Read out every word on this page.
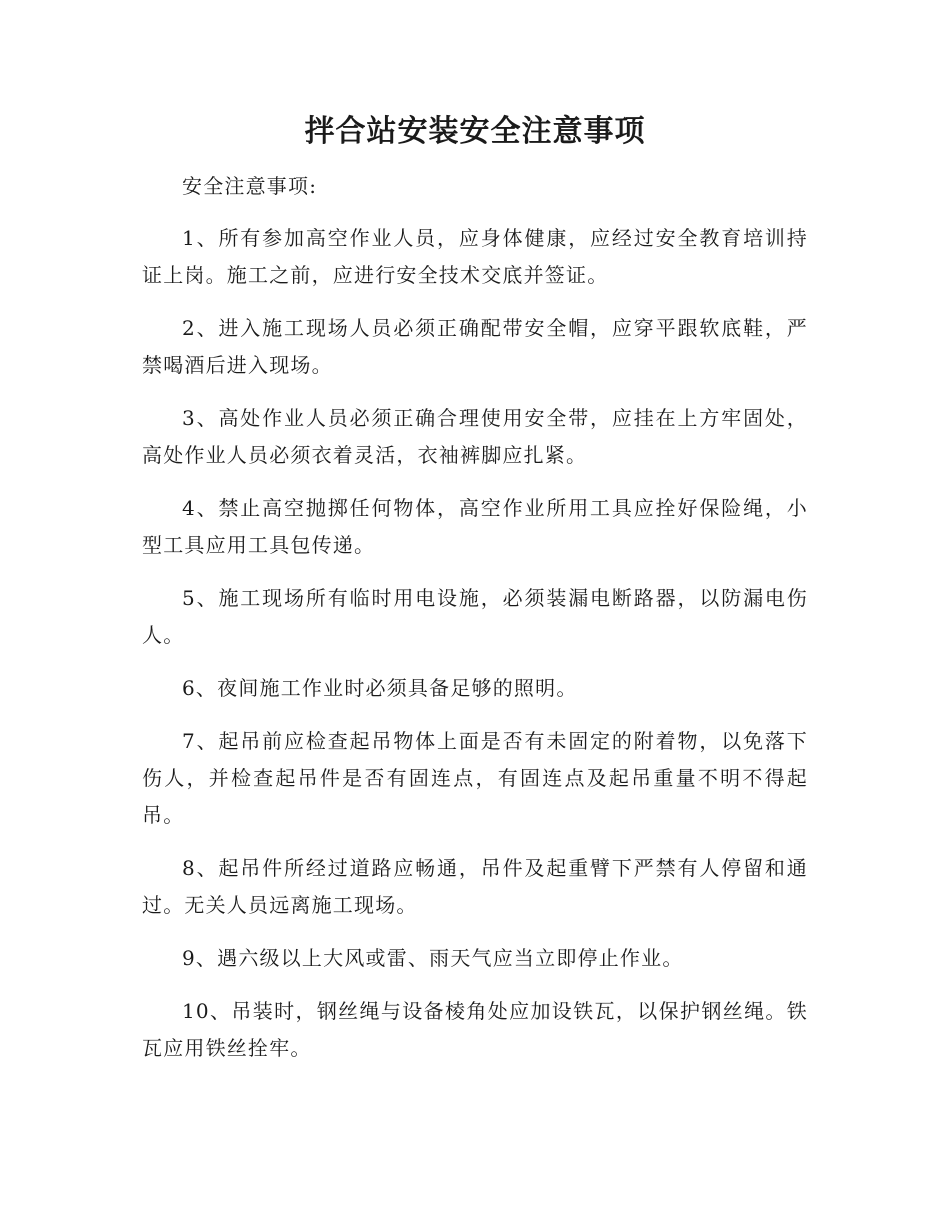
拌合站安装安全注意事项

安全注意事项:

1、所有参加高空作业人员，应身体健康，应经过安全教育培训持证上岗。施工之前，应进行安全技术交底并签证。

2、进入施工现场人员必须正确配带安全帽，应穿平跟软底鞋，严禁喝酒后进入现场。

3、高处作业人员必须正确合理使用安全带，应挂在上方牢固处，高处作业人员必须衣着灵活，衣袖裤脚应扎紧。

4、禁止高空抛掷任何物体，高空作业所用工具应拴好保险绳，小型工具应用工具包传递。

5、施工现场所有临时用电设施，必须装漏电断路器，以防漏电伤人。

6、夜间施工作业时必须具备足够的照明。

7、起吊前应检查起吊物体上面是否有未固定的附着物，以免落下伤人，并检查起吊件是否有固连点，有固连点及起吊重量不明不得起吊。

8、起吊件所经过道路应畅通，吊件及起重臂下严禁有人停留和通过。无关人员远离施工现场。

9、遇六级以上大风或雷、雨天气应当立即停止作业。

10、吊装时，钢丝绳与设备棱角处应加设铁瓦，以保护钢丝绳。铁瓦应用铁丝拴牢。
